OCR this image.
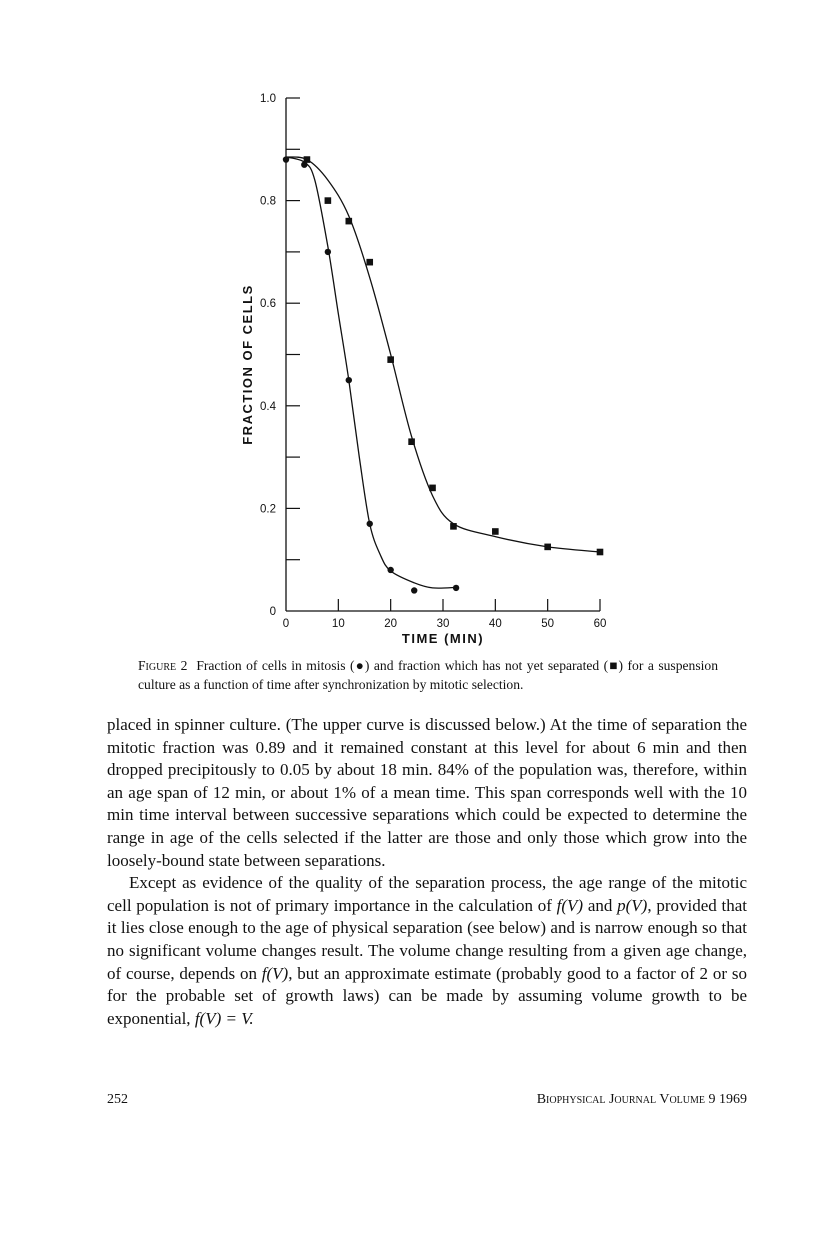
0
0.2
0.4
0.6
0.8
1.0
0	10	20	30	40	50	60
TIME (MIN)
FRACTION OF CELLS
Figure 2 Fraction of cells in mitosis (●) and fraction which has not yet separated (■) for a suspension culture as a function of time after synchronization by mitotic selection.

placed in spinner culture. (The upper curve is discussed below.) At the time of separation the mitotic fraction was 0.89 and it remained constant at this level for about 6 min and then dropped precipitously to 0.05 by about 18 min. 84% of the population was, therefore, within an age span of 12 min, or about 1% of a mean time. This span corresponds well with the 10 min time interval between successive separations which could be expected to determine the range in age of the cells selected if the latter are those and only those which grow into the loosely-bound state between separations.

Except as evidence of the quality of the separation process, the age range of the mitotic cell population is not of primary importance in the calculation of f(V) and p(V), provided that it lies close enough to the age of physical separation (see below) and is narrow enough so that no significant volume changes result. The volume change resulting from a given age change, of course, depends on f(V), but an approximate estimate (probably good to a factor of 2 or so for the probable set of growth laws) can be made by assuming volume growth to be exponential, f(V) = V.

252	Biophysical Journal Volume 9 1969
